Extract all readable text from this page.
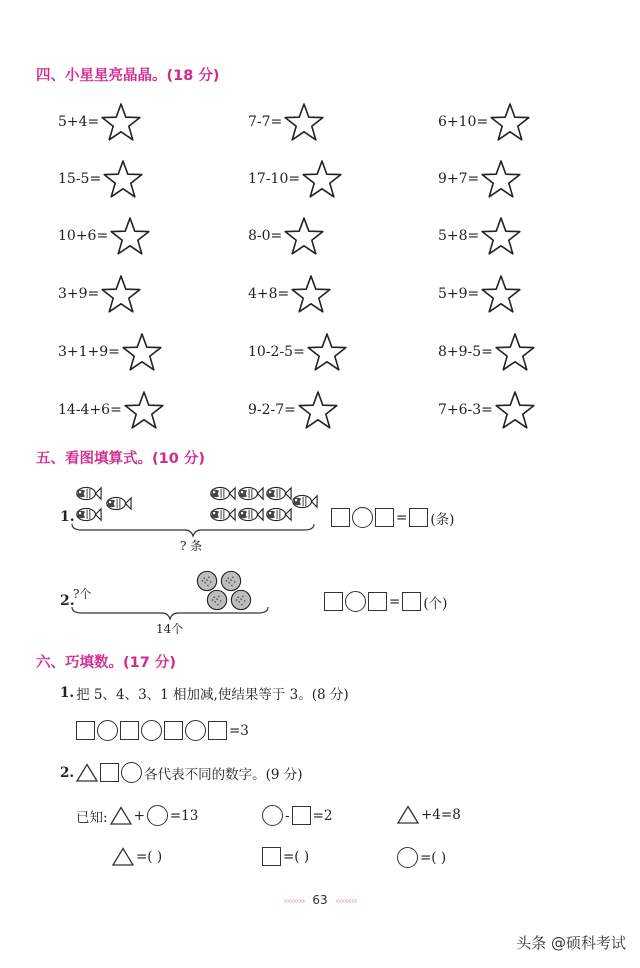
四、小星星亮晶晶。(18 分)
5+4=	7-7=	6+10=
15-5=	17-10=	9+7=
10+6=	8-0=	5+8=
3+9=	4+8=	5+9=
3+1+9=	10-2-5=	8+9-5=
14-4+6=	9-2-7=	7+6-3=
五、看图填算式。(10 分)
1.
? 条
= (条)
2.
?个
14个
= (个)
六、巧填数。(17 分)
1. 把 5、4、3、1 相加减,使结果等于 3。(8 分)
=3
2.	各代表不同的数字。(9 分)
已知: + =13	- =2	+4=8
=( )	=( )	=( )
››››››› 63 ‹‹‹‹‹‹‹
头条 @硕科考试
